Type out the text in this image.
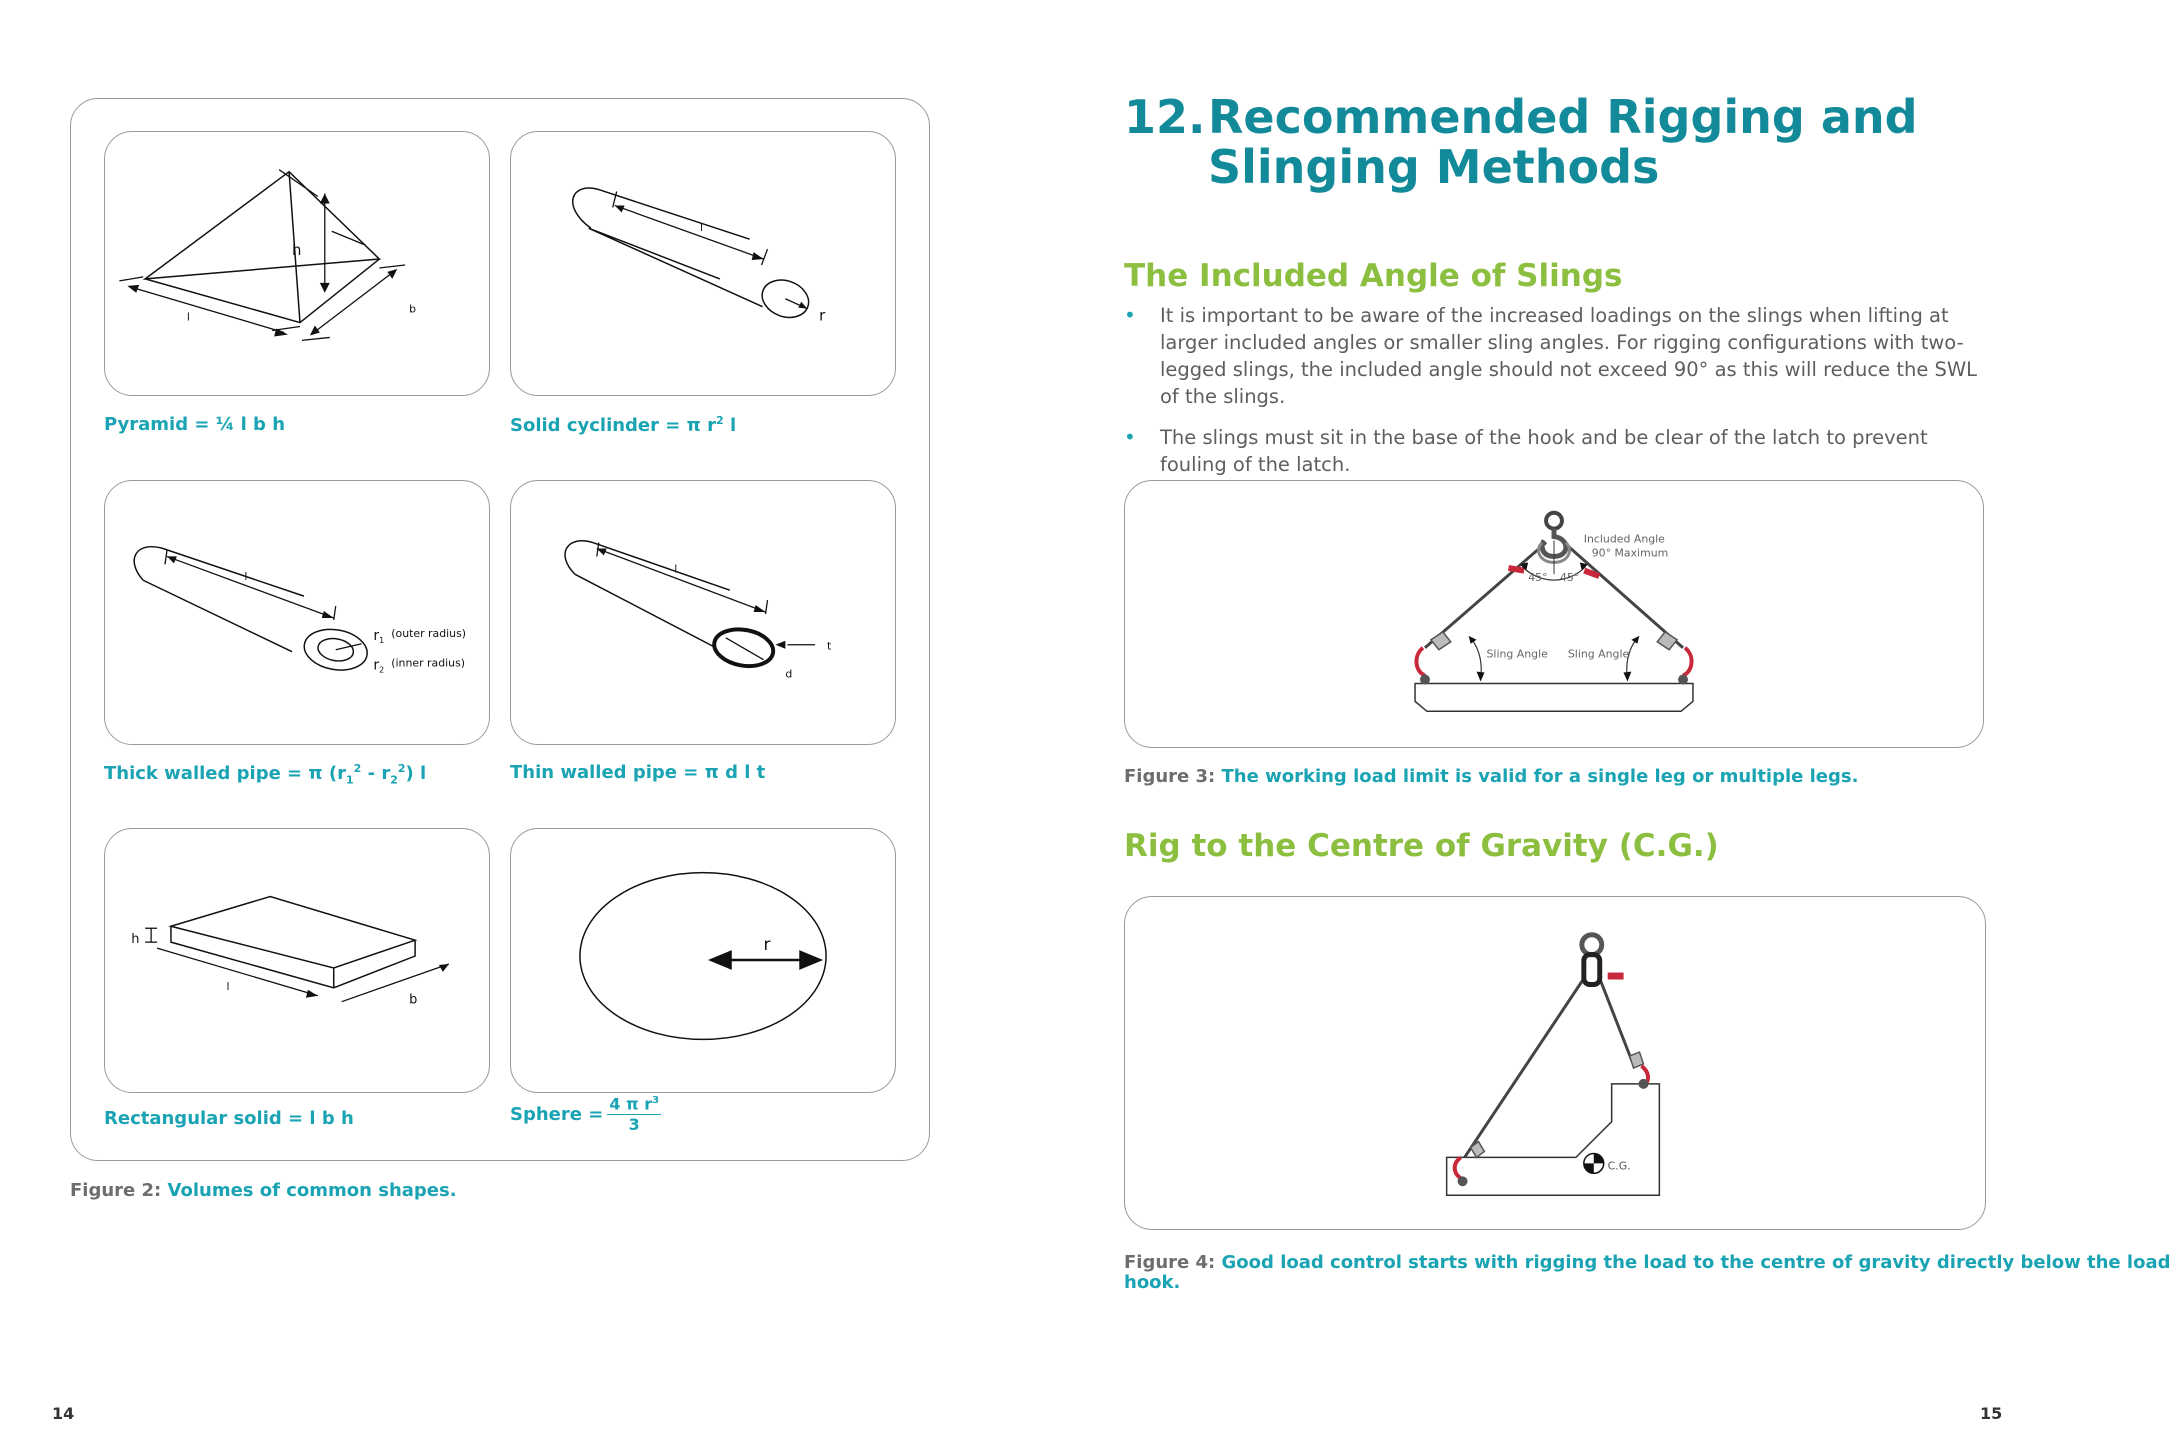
h
l
b
Pyramid = ¼ l b h
l
r
Solid cyclinder = π $r^2$ l
l
$r_1$
(outer radius)
$r_2$
(inner radius)
Thick walled pipe = π $(r_1^2 - r_2^2)$ l
l
t
d
Thin walled pipe = π d l t
h
l
b
Rectangular solid = l b h
r
Sphere = $\frac{4 \pi r^3}{3}$
Figure 2: Volumes of common shapes.
14
12. Recommended Rigging and
Slinging Methods
The Included Angle of Slings
• It is important to be aware of the increased loadings on the slings when lifting at larger included angles or smaller sling angles. For rigging configurations with two-legged slings, the included angle should not exceed 90° as this will reduce the SWL of the slings.
• The slings must sit in the base of the hook and be clear of the latch to prevent fouling of the latch.
45° 45°
Included Angle
90° Maximum
Sling Angle Sling Angle
Figure 3: The working load limit is valid for a single leg or multiple legs.
Rig to the Centre of Gravity (C.G.)
C.G.
Figure 4: Good load control starts with rigging the load to the centre of gravity directly below the load
hook.
15
